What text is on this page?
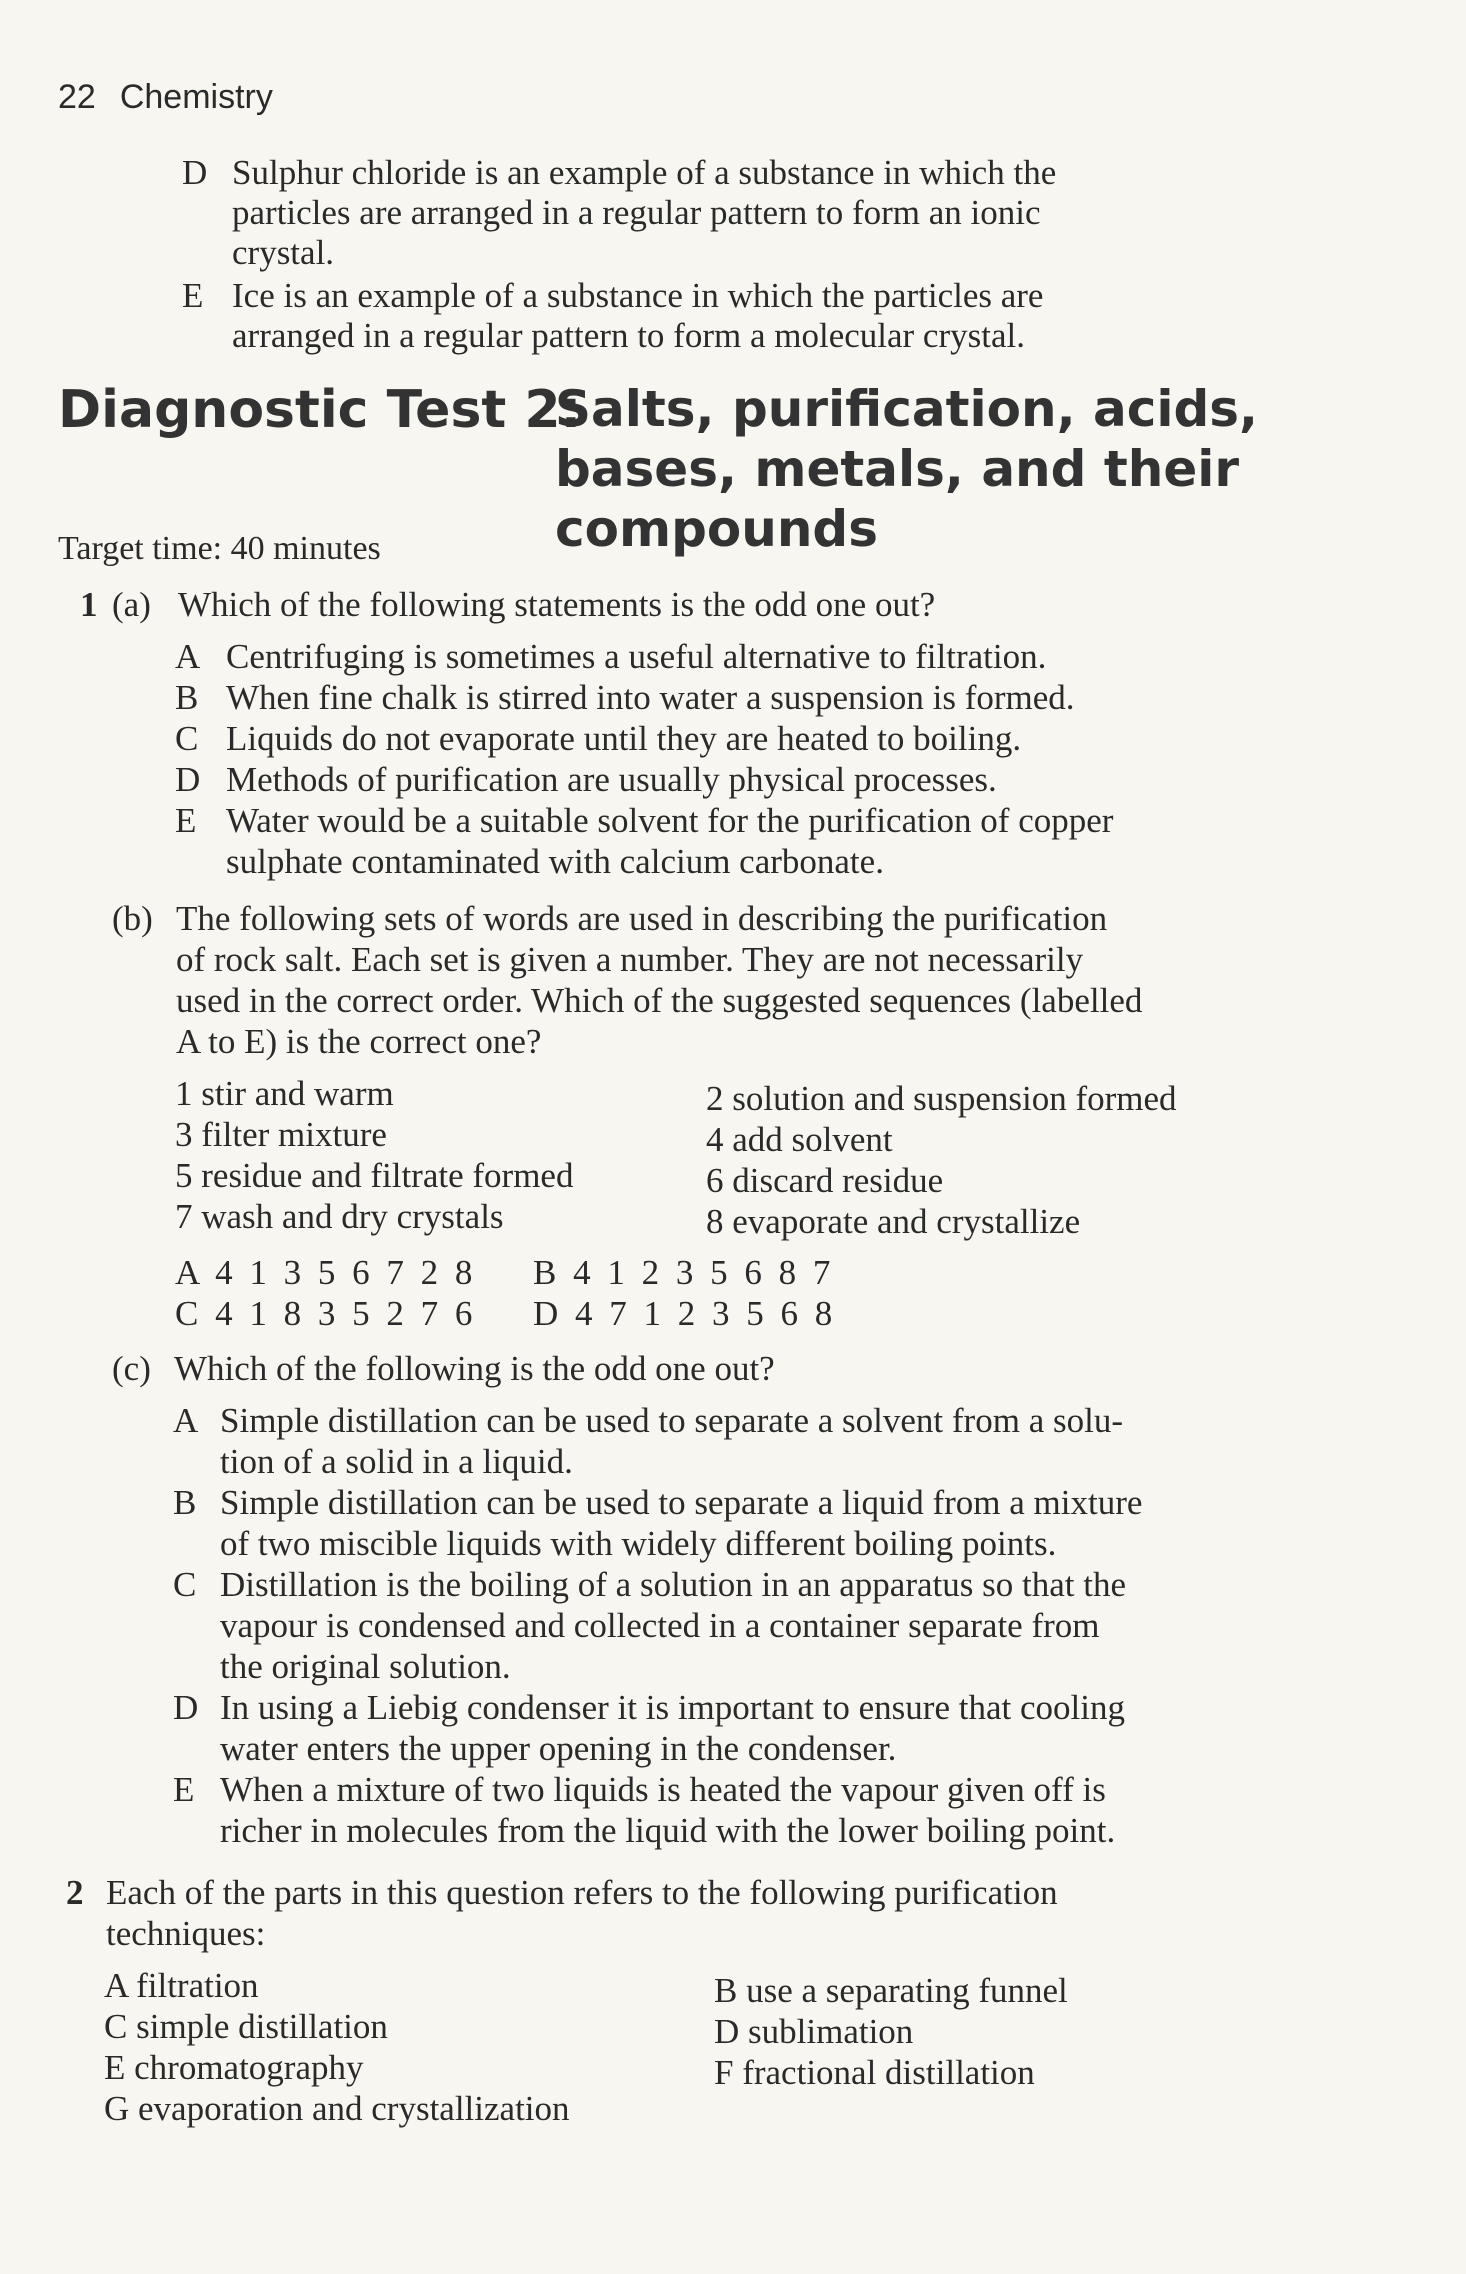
22 Chemistry
D Sulphur chloride is an example of a substance in which the
particles are arranged in a regular pattern to form an ionic
crystal.
E Ice is an example of a substance in which the particles are
arranged in a regular pattern to form a molecular crystal.
Diagnostic Test 2:
Salts, purification, acids,
bases, metals, and their
compounds
Target time: 40 minutes
1 (a) Which of the following statements is the odd one out?
A Centrifuging is sometimes a useful alternative to filtration.
B When fine chalk is stirred into water a suspension is formed.
C Liquids do not evaporate until they are heated to boiling.
D Methods of purification are usually physical processes.
E Water would be a suitable solvent for the purification of copper
sulphate contaminated with calcium carbonate.
(b) The following sets of words are used in describing the purification
of rock salt. Each set is given a number. They are not necessarily
used in the correct order. Which of the suggested sequences (labelled
A to E) is the correct one?
1 stir and warm	2 solution and suspension formed
3 filter mixture	4 add solvent
5 residue and filtrate formed	6 discard residue
7 wash and dry crystals	8 evaporate and crystallize
A 4 1 3 5 6 7 2 8 B 4 1 2 3 5 6 8 7
C 4 1 8 3 5 2 7 6 D 4 7 1 2 3 5 6 8
(c) Which of the following is the odd one out?
A Simple distillation can be used to separate a solvent from a solu-
tion of a solid in a liquid.
B Simple distillation can be used to separate a liquid from a mixture
of two miscible liquids with widely different boiling points.
C Distillation is the boiling of a solution in an apparatus so that the
vapour is condensed and collected in a container separate from
the original solution.
D In using a Liebig condenser it is important to ensure that cooling
water enters the upper opening in the condenser.
E When a mixture of two liquids is heated the vapour given off is
richer in molecules from the liquid with the lower boiling point.
2 Each of the parts in this question refers to the following purification
techniques:
A filtration	B use a separating funnel
C simple distillation	D sublimation
E chromatography	F fractional distillation
G evaporation and crystallization
